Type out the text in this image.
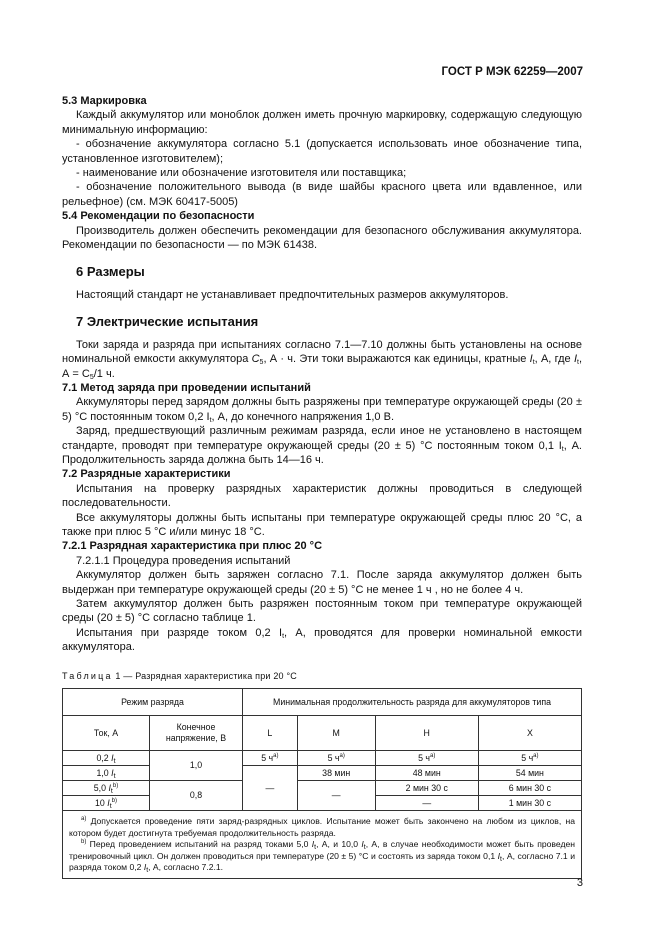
ГОСТ Р МЭК 62259—2007

5.3 Маркировка

Каждый аккумулятор или моноблок должен иметь прочную маркировку, содержащую следующую минимальную информацию:

- обозначение аккумулятора согласно 5.1 (допускается использовать иное обозначение типа, установленное изготовителем);

- наименование или обозначение изготовителя или поставщика;

- обозначение положительного вывода (в виде шайбы красного цвета или вдавленное, или рельефное) (см. МЭК 60417-5005)

5.4 Рекомендации по безопасности

Производитель должен обеспечить рекомендации для безопасного обслуживания аккумулятора. Рекомендации по безопасности — по МЭК 61438.

6 Размеры

Настоящий стандарт не устанавливает предпочтительных размеров аккумуляторов.

7 Электрические испытания

Токи заряда и разряда при испытаниях согласно 7.1—7.10 должны быть установлены на основе номинальной емкости аккумулятора $C_5$, А · ч. Эти токи выражаются как единицы, кратные $I_t$, А, где $I_t$, $А = C_5/1$ ч.

7.1 Метод заряда при проведении испытаний

Аккумуляторы перед зарядом должны быть разряжены при температуре окружающей среды (20 ± 5) °С постоянным током 0,2 $I_t$, А, до конечного напряжения 1,0 В.

Заряд, предшествующий различным режимам разряда, если иное не установлено в настоящем стандарте, проводят при температуре окружающей среды (20 ± 5) °С постоянным током 0,1 $I_t$, А. Продолжительность заряда должна быть 14—16 ч.

7.2 Разрядные характеристики

Испытания на проверку разрядных характеристик должны проводиться в следующей последовательности.

Все аккумуляторы должны быть испытаны при температуре окружающей среды плюс 20 °С, а также при плюс 5 °С и/или минус 18 °С.

7.2.1 Разрядная характеристика при плюс 20 °С

7.2.1.1 Процедура проведения испытаний

Аккумулятор должен быть заряжен согласно 7.1. После заряда аккумулятор должен быть выдержан при температуре окружающей среды (20 ± 5) °С не менее 1 ч , но не более 4 ч.

Затем аккумулятор должен быть разряжен постоянным током при температуре окружающей среды (20 ± 5) °С согласно таблице 1.

Испытания при разряде током 0,2 $I_t$, А, проводятся для проверки номинальной емкости аккумулятора.

Таблица 1 — Разрядная характеристика при 20 °С

Режим разряда		Минимальная продолжительность разряда для аккумуляторов типа			
Ток, А	Конечное напряжение, В	L	M	H	X
0,2 $I_t$	1,0	5 $ч^{а)}$	5 $ч^{а)}$	5 $ч^{а)}$	5 $ч^{а)}$
1,0 $I_t$		—	38 мин	48 мин	54 мин
5,0 $I_t^{b)}$	0,8		—	2 мин 30 с	6 мин 30 с
10 $I_t^{b)}$				—	1 мин 30 с

$^{а)}$ Допускается проведение пяти заряд-разрядных циклов. Испытание может быть закончено на любом из циклов, на котором будет достигнута требуемая продолжительность разряда.

$^{b)}$ Перед проведением испытаний на разряд токами 5,0 $I_t$, А, и 10,0 $I_t$, А, в случае необходимости может быть проведен тренировочный цикл. Он должен проводиться при температуре (20 ± 5) °С и состоять из заряда током 0,1 $I_t$, А, согласно 7.1 и разряда током 0,2 $I_t$, А, согласно 7.2.1.					

3
